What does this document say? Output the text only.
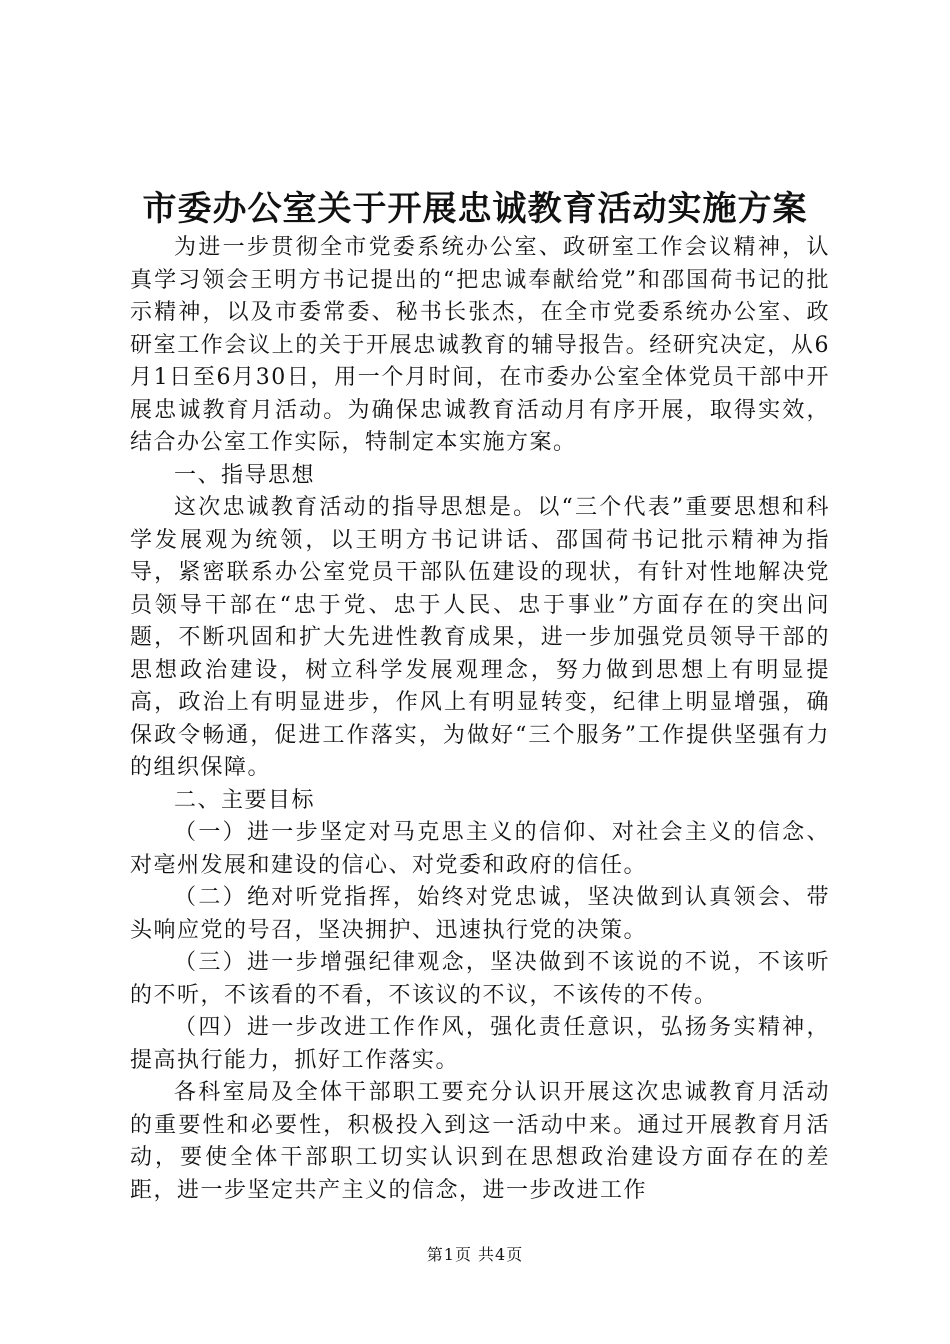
市委办公室关于开展忠诚教育活动实施方案

为进一步贯彻全市党委系统办公室、政研室工作会议精神，认真学习领会王明方书记提出的“把忠诚奉献给党”和邵国荷书记的批示精神，以及市委常委、秘书长张杰，在全市党委系统办公室、政研室工作会议上的关于开展忠诚教育的辅导报告。经研究决定，从6月1日至6月30日，用一个月时间，在市委办公室全体党员干部中开展忠诚教育月活动。为确保忠诚教育活动月有序开展，取得实效，结合办公室工作实际，特制定本实施方案。

一、指导思想

这次忠诚教育活动的指导思想是。以“三个代表”重要思想和科学发展观为统领，以王明方书记讲话、邵国荷书记批示精神为指导，紧密联系办公室党员干部队伍建设的现状，有针对性地解决党员领导干部在“忠于党、忠于人民、忠于事业”方面存在的突出问题，不断巩固和扩大先进性教育成果，进一步加强党员领导干部的思想政治建设，树立科学发展观理念，努力做到思想上有明显提高，政治上有明显进步，作风上有明显转变，纪律上明显增强，确保政令畅通，促进工作落实，为做好“三个服务”工作提供坚强有力的组织保障。

二、主要目标

（一）进一步坚定对马克思主义的信仰、对社会主义的信念、对亳州发展和建设的信心、对党委和政府的信任。

（二）绝对听党指挥，始终对党忠诚，坚决做到认真领会、带头响应党的号召，坚决拥护、迅速执行党的决策。

（三）进一步增强纪律观念，坚决做到不该说的不说，不该听的不听，不该看的不看，不该议的不议，不该传的不传。

（四）进一步改进工作作风，强化责任意识，弘扬务实精神，提高执行能力，抓好工作落实。

各科室局及全体干部职工要充分认识开展这次忠诚教育月活动的重要性和必要性，积极投入到这一活动中来。通过开展教育月活动，要使全体干部职工切实认识到在思想政治建设方面存在的差距，进一步坚定共产主义的信念，进一步改进工作

第1页 共4页
